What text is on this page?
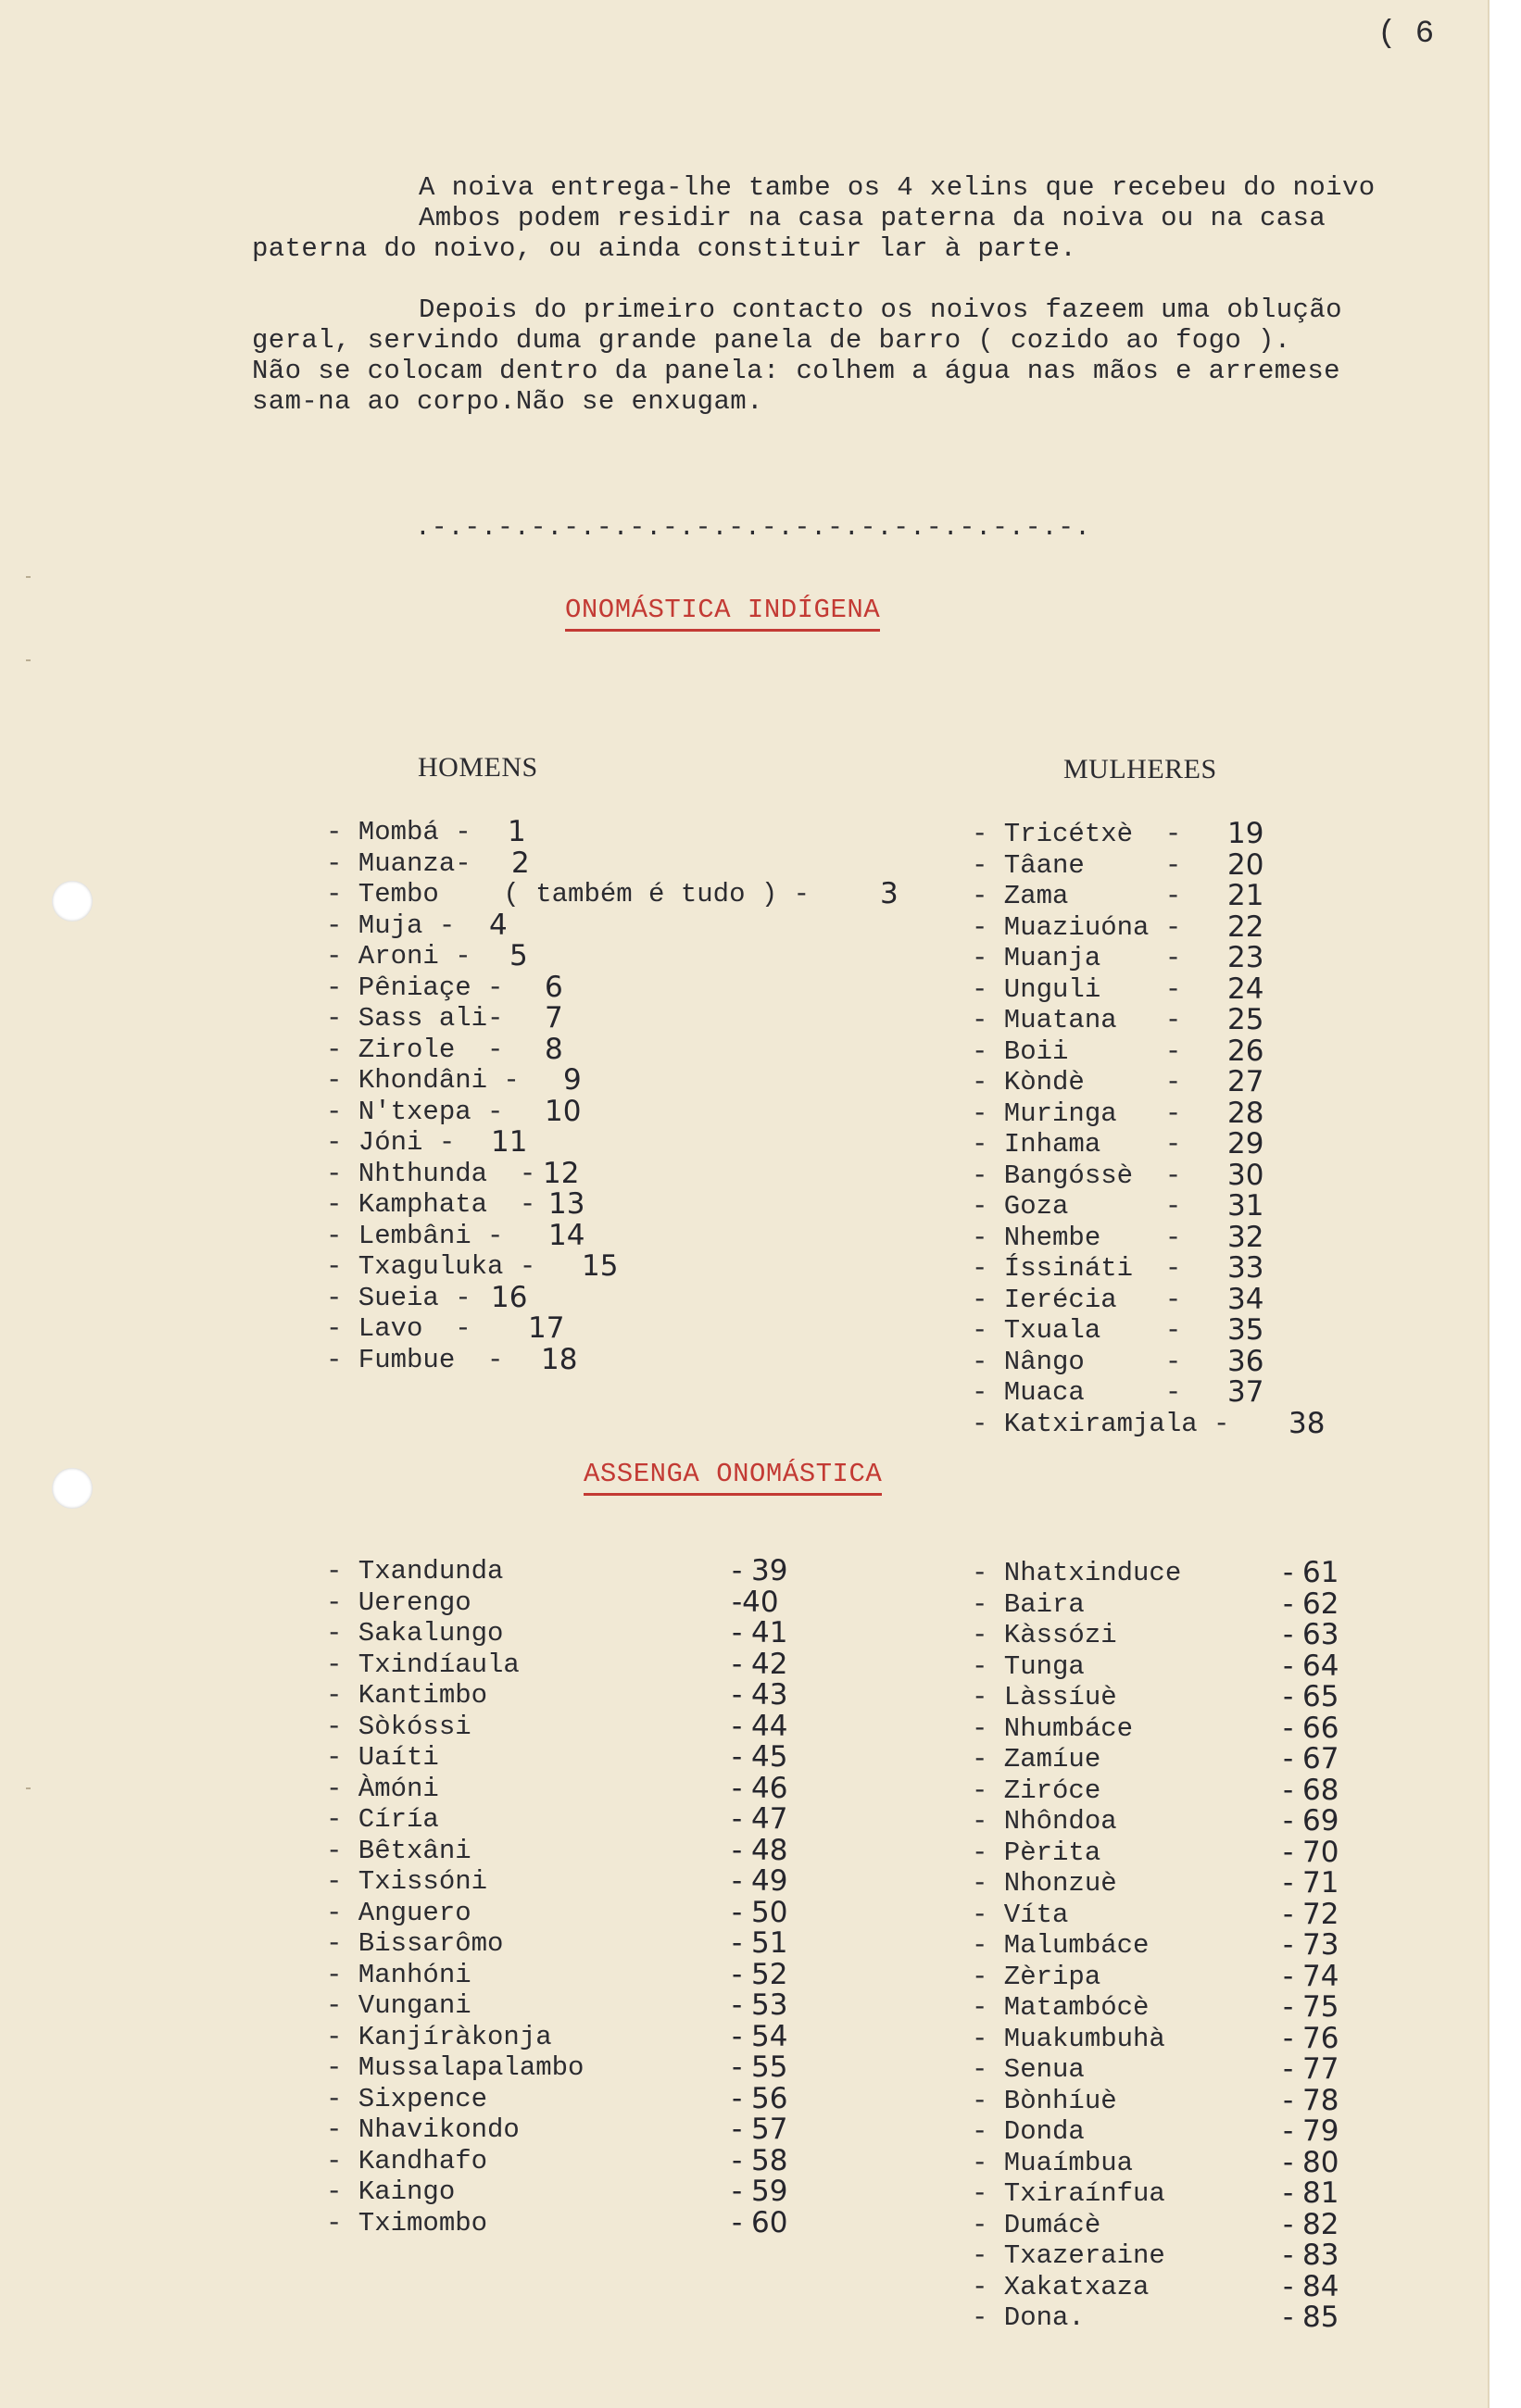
( 6

A noiva entrega-lhe tambe os 4 xelins que recebeu do noivo

Ambos podem residir na casa paterna da noiva ou na casa

paterna do noivo, ou ainda constituir lar à parte.

Depois do primeiro contacto os noivos fazeem uma oblução

geral, servindo duma grande panela de barro ( cozido ao fogo ).

Não se colocam dentro da panela: colhem a água nas mãos e arremese

sam-na ao corpo.Não se enxugam.

.-.-.-.-.-.-.-.-.-.-.-.-.-.-.-.-.-.-.-.-.
ONOMÁSTICA INDÍGENA
HOMENS	MULHERES
- Mombá - 1
- Muanza- 2
- Tembo    ( também é tudo ) - 3
- Muja - 4
- Aroni - 5
- Pêniaçe - 6
- Sass ali- 7
- Zirole  - 8
- Khondâni - 9
- N'txepa - 10
- Jóni - 11
- Nhthunda  - 12
- Kamphata  - 13
- Lembâni - 14
- Txaguluka - 15
- Sueia - 16
- Lavo  - 17
- Fumbue  - 18
- Tricétxè  - 19
- Tâane     - 20
- Zama      - 21
- Muaziuóna - 22
- Muanja    - 23
- Unguli    - 24
- Muatana   - 25
- Boii      - 26
- Kòndè     - 27
- Muringa   - 28
- Inhama    - 29
- Bangóssè  - 30
- Goza      - 31
- Nhembe    - 32
- Íssináti  - 33
- Ierécia   - 34
- Txuala    - 35
- Nângo     - 36
- Muaca     - 37
- Katxiramjala - 38
ASSENGA ONOMÁSTICA
- Txandunda	- 39
- Uerengo	-40
- Sakalungo	- 41
- Txindíaula	- 42
- Kantimbo	- 43
- Sòkóssi	- 44
- Uaíti	- 45
- Àmóni	- 46
- Círía	- 47
- Bêtxâni	- 48
- Txissóni	- 49
- Anguero	- 50
- Bissarômo	- 51
- Manhóni	- 52
- Vungani	- 53
- Kanjíràkonja	- 54
- Mussalapalambo	- 55
- Sixpence	- 56
- Nhavikondo	- 57
- Kandhafo	- 58
- Kaingo	- 59
- Tximombo	- 60
- Nhatxinduce	- 61
- Baira	- 62
- Kàssózi	- 63
- Tunga	- 64
- Làssíuè	- 65
- Nhumbáce	- 66
- Zamíue	- 67
- Ziróce	- 68
- Nhôndoa	- 69
- Pèrita	- 70
- Nhonzuè	- 71
- Víta	- 72
- Malumbáce	- 73
- Zèripa	- 74
- Matambócè	- 75
- Muakumbuhà	- 76
- Senua	- 77
- Bònhíuè	- 78
- Donda	- 79
- Muaímbua	- 80
- Txiraínfua	- 81
- Dumácè	- 82
- Txazeraine	- 83
- Xakatxaza	- 84
- Dona.	- 85
